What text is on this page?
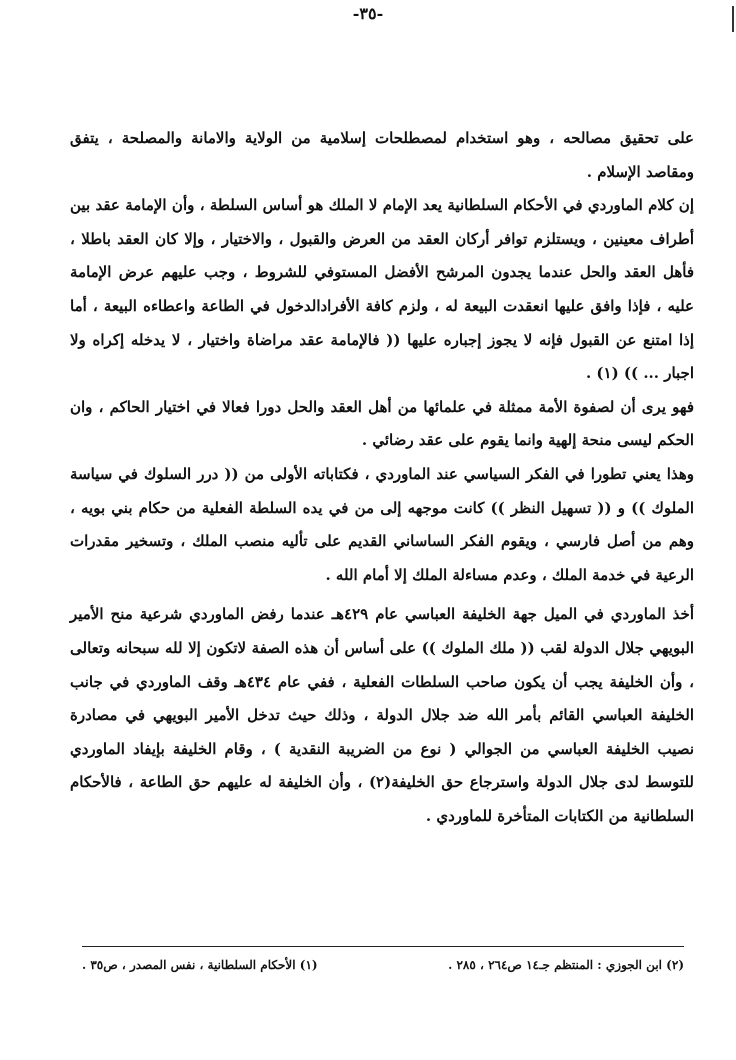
-٣٥-

على تحقيق مصالحه ، وهو استخدام لمصطلحات إسلامية من الولاية والامانة والمصلحة ، يتفق ومقاصد الإسلام .

إن كلام الماوردي في الأحكام السلطانية يعد الإمام لا الملك هو أساس السلطة ، وأن الإمامة عقد بين أطراف معينين ، ويستلزم توافر أركان العقد من العرض والقبول ، والاختيار ، وإلا كان العقد باطلا ، فأهل العقد والحل عندما يجدون المرشح الأفضل المستوفي للشروط ، وجب عليهم عرض الإمامة عليه ، فإذا وافق عليها انعقدت البيعة له ، ولزم كافة الأفرادالدخول في الطاعة واعطاءه البيعة ، أما إذا امتنع عن القبول فإنه لا يجوز إجباره عليها (( فالإمامة عقد مراضاة واختيار ، لا يدخله إكراه ولا اجبار ... )) (١) .

فهو يرى أن لصفوة الأمة ممثلة في علمائها من أهل العقد والحل دورا فعالا في اختيار الحاكم ، وان الحكم ليسى منحة إلهية وانما يقوم على عقد رضائي .

وهذا يعني تطورا في الفكر السياسي عند الماوردي ، فكتاباته الأولى من (( درر السلوك في سياسة الملوك )) و (( تسهيل النظر )) كانت موجهه إلى من في يده السلطة الفعلية من حكام بني بويه ، وهم من أصل فارسي ، ويقوم الفكر الساساني القديم على تأليه منصب الملك ، وتسخير مقدرات الرعية في خدمة الملك ، وعدم مساءلة الملك إلا أمام الله .

أخذ الماوردي في الميل جهة الخليفة العباسي عام ٤٢٩هـ عندما رفض الماوردي شرعية منح الأمير البويهي جلال الدولة لقب (( ملك الملوك )) على أساس أن هذه الصفة لاتكون إلا لله سبحانه وتعالى ، وأن الخليفة يجب أن يكون صاحب السلطات الفعلية ، ففي عام ٤٣٤هـ وقف الماوردي في جانب الخليفة العباسي القائم بأمر الله ضد جلال الدولة ، وذلك حيث تدخل الأمير البويهي في مصادرة نصيب الخليفة العباسي من الجوالي ( نوع من الضريبة النقدية ) ، وقام الخليفة بإيفاد الماوردي للتوسط لدى جلال الدولة واسترجاع حق الخليفة(٢) ، وأن الخليفة له عليهم حق الطاعة ، فالأحكام السلطانية من الكتابات المتأخرة للماوردي .

(١) الأحكام السلطانية ، نفس المصدر ، ص٣٥ .	(٢) ابن الجوزي : المنتظم جـ١٤ ص٢٦٤ ، ٢٨٥ .
